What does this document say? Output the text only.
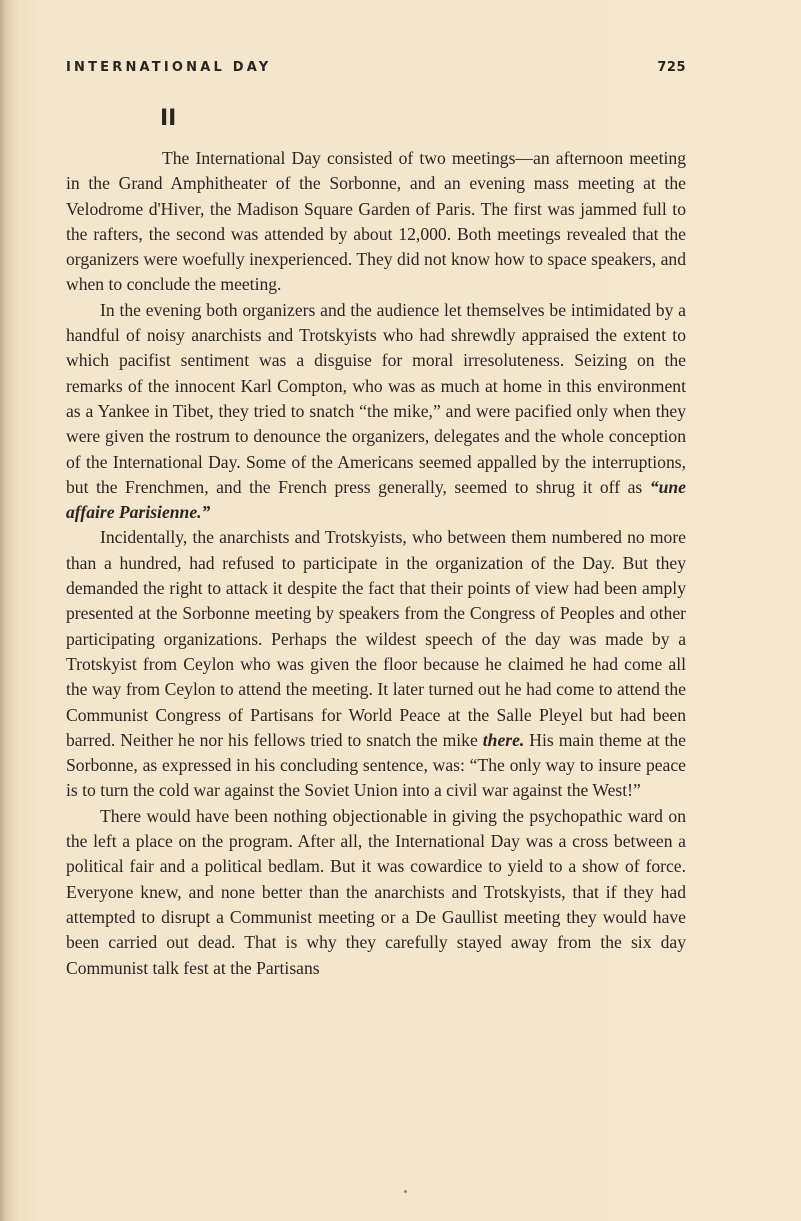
INTERNATIONAL DAY	725
II

The International Day consisted of two meetings—an afternoon meeting in the Grand Amphitheater of the Sorbonne, and an evening mass meeting at the Velodrome d'Hiver, the Madison Square Garden of Paris. The first was jammed full to the rafters, the second was attended by about 12,000. Both meetings revealed that the organizers were woefully inexperienced. They did not know how to space speakers, and when to conclude the meeting.

In the evening both organizers and the audience let themselves be intimidated by a handful of noisy anarchists and Trotskyists who had shrewdly appraised the extent to which pacifist sentiment was a disguise for moral irresoluteness. Seizing on the remarks of the innocent Karl Compton, who was as much at home in this environment as a Yankee in Tibet, they tried to snatch “the mike,” and were pacified only when they were given the rostrum to denounce the organizers, delegates and the whole conception of the International Day. Some of the Americans seemed appalled by the interruptions, but the Frenchmen, and the French press generally, seemed to shrug it off as “une affaire Parisienne.”

Incidentally, the anarchists and Trotskyists, who between them numbered no more than a hundred, had refused to participate in the organization of the Day. But they demanded the right to attack it despite the fact that their points of view had been amply presented at the Sorbonne meeting by speakers from the Congress of Peoples and other participating organizations. Perhaps the wildest speech of the day was made by a Trotskyist from Ceylon who was given the floor because he claimed he had come all the way from Ceylon to attend the meeting. It later turned out he had come to attend the Communist Congress of Partisans for World Peace at the Salle Pleyel but had been barred. Neither he nor his fellows tried to snatch the mike there. His main theme at the Sorbonne, as expressed in his concluding sentence, was: “The only way to insure peace is to turn the cold war against the Soviet Union into a civil war against the West!”

There would have been nothing objectionable in giving the psychopathic ward on the left a place on the program. After all, the International Day was a cross between a political fair and a political bedlam. But it was cowardice to yield to a show of force. Everyone knew, and none better than the anarchists and Trotskyists, that if they had attempted to disrupt a Communist meeting or a De Gaullist meeting they would have been carried out dead. That is why they carefully stayed away from the six day Communist talk fest at the Partisans
